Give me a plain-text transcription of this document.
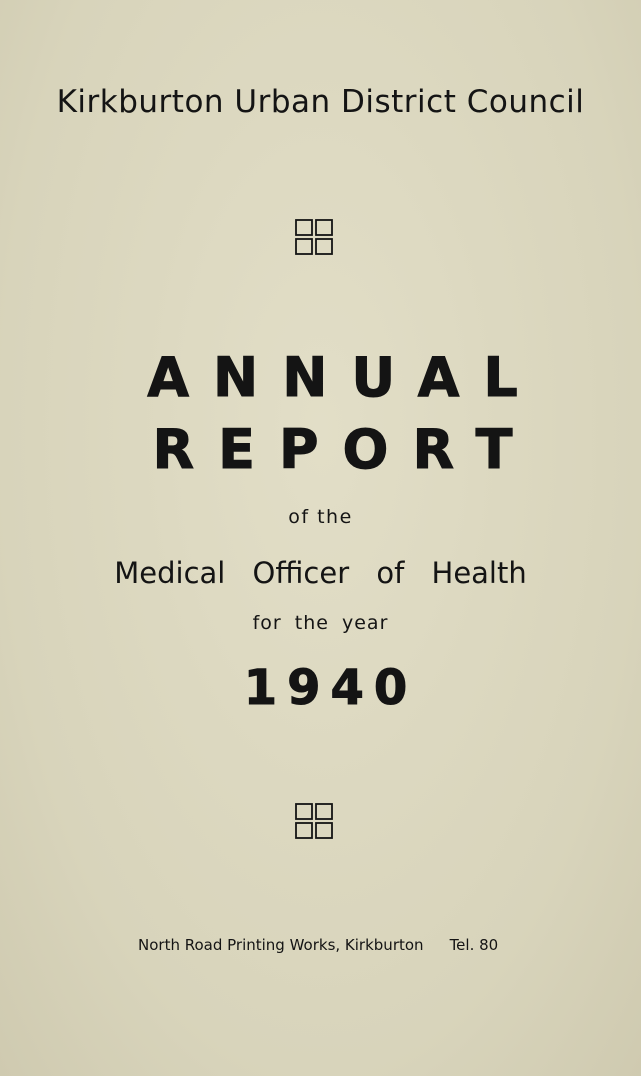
Kirkburton Urban District Council
ANNUAL
REPORT
of the
Medical Officer of Health
for the year
1940
North Road Printing Works, Kirkburton Tel. 80
